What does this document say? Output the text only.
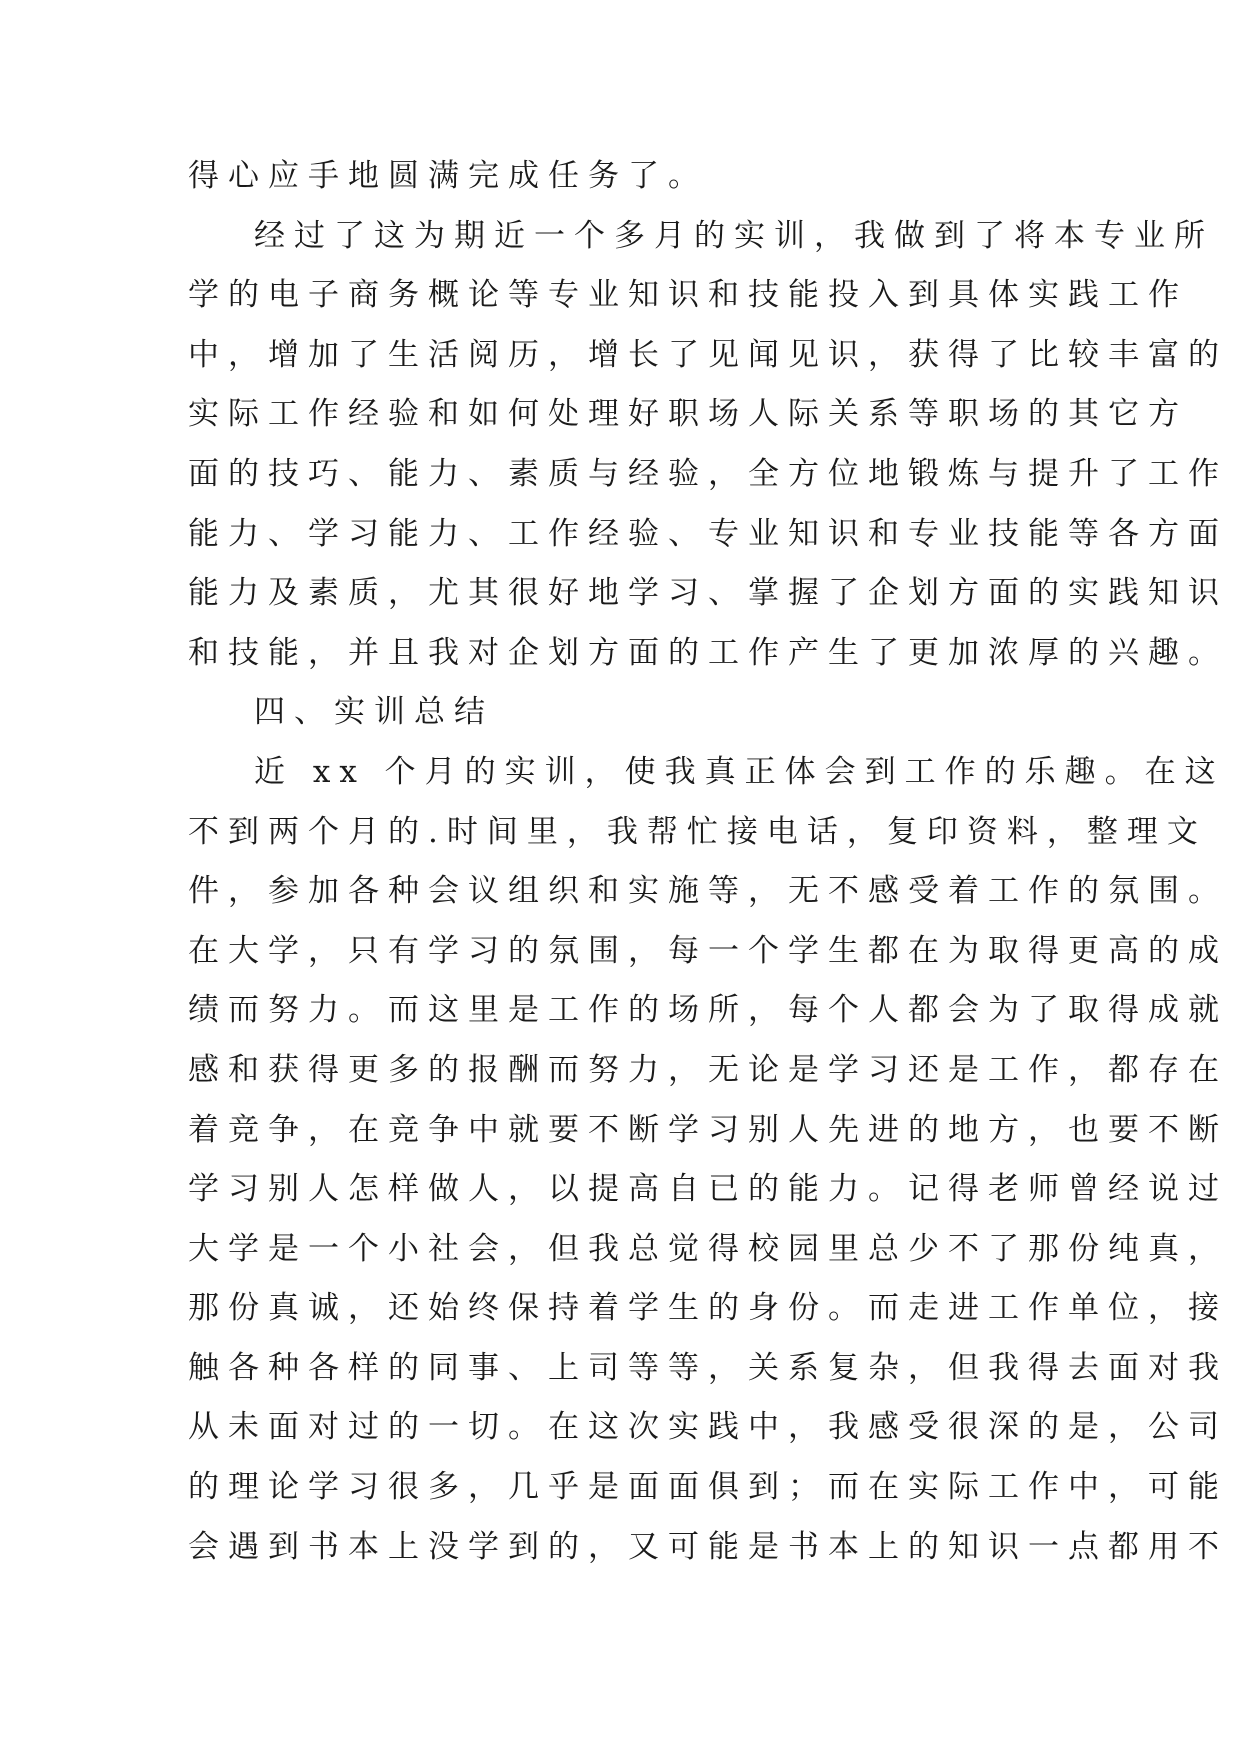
得心应手地圆满完成任务了。
经过了这为期近一个多月的实训，我做到了将本专业所
学的电子商务概论等专业知识和技能投入到具体实践工作
中，增加了生活阅历，增长了见闻见识，获得了比较丰富的
实际工作经验和如何处理好职场人际关系等职场的其它方
面的技巧、能力、素质与经验，全方位地锻炼与提升了工作
能力、学习能力、工作经验、专业知识和专业技能等各方面
能力及素质，尤其很好地学习、掌握了企划方面的实践知识
和技能，并且我对企划方面的工作产生了更加浓厚的兴趣。
四、实训总结
近 xx 个月的实训，使我真正体会到工作的乐趣。在这
不到两个月的.时间里，我帮忙接电话，复印资料，整理文
件，参加各种会议组织和实施等，无不感受着工作的氛围。
在大学，只有学习的氛围，每一个学生都在为取得更高的成
绩而努力。而这里是工作的场所，每个人都会为了取得成就
感和获得更多的报酬而努力，无论是学习还是工作，都存在
着竞争，在竞争中就要不断学习别人先进的地方，也要不断
学习别人怎样做人，以提高自已的能力。记得老师曾经说过
大学是一个小社会，但我总觉得校园里总少不了那份纯真，
那份真诚，还始终保持着学生的身份。而走进工作单位，接
触各种各样的同事、上司等等，关系复杂，但我得去面对我
从未面对过的一切。在这次实践中，我感受很深的是，公司
的理论学习很多，几乎是面面俱到；而在实际工作中，可能
会遇到书本上没学到的，又可能是书本上的知识一点都用不
